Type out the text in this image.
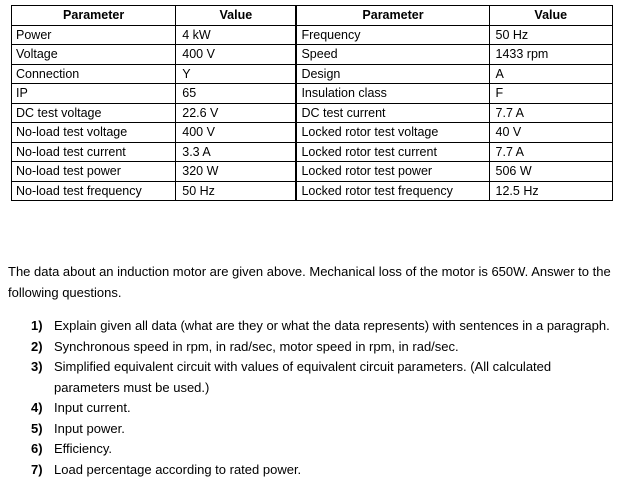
Parameter	Value	Parameter	Value
Power	4 kW	Frequency	50 Hz
Voltage	400 V	Speed	1433 rpm
Connection	Y	Design	A
IP	65	Insulation class	F
DC test voltage	22.6 V	DC test current	7.7 A
No-load test voltage	400 V	Locked rotor test voltage	40 V
No-load test current	3.3 A	Locked rotor test current	7.7 A
No-load test power	320 W	Locked rotor test power	506 W
No-load test frequency	50 Hz	Locked rotor test frequency	12.5 Hz

The data about an induction motor are given above. Mechanical loss of the motor is 650W. Answer to the following questions.

1) Explain given all data (what are they or what the data represents) with sentences in a paragraph.
2) Synchronous speed in rpm, in rad/sec, motor speed in rpm, in rad/sec.
3) Simplified equivalent circuit with values of equivalent circuit parameters. (All calculated parameters must be used.)
4) Input current.
5) Input power.
6) Efficiency.
7) Load percentage according to rated power.
